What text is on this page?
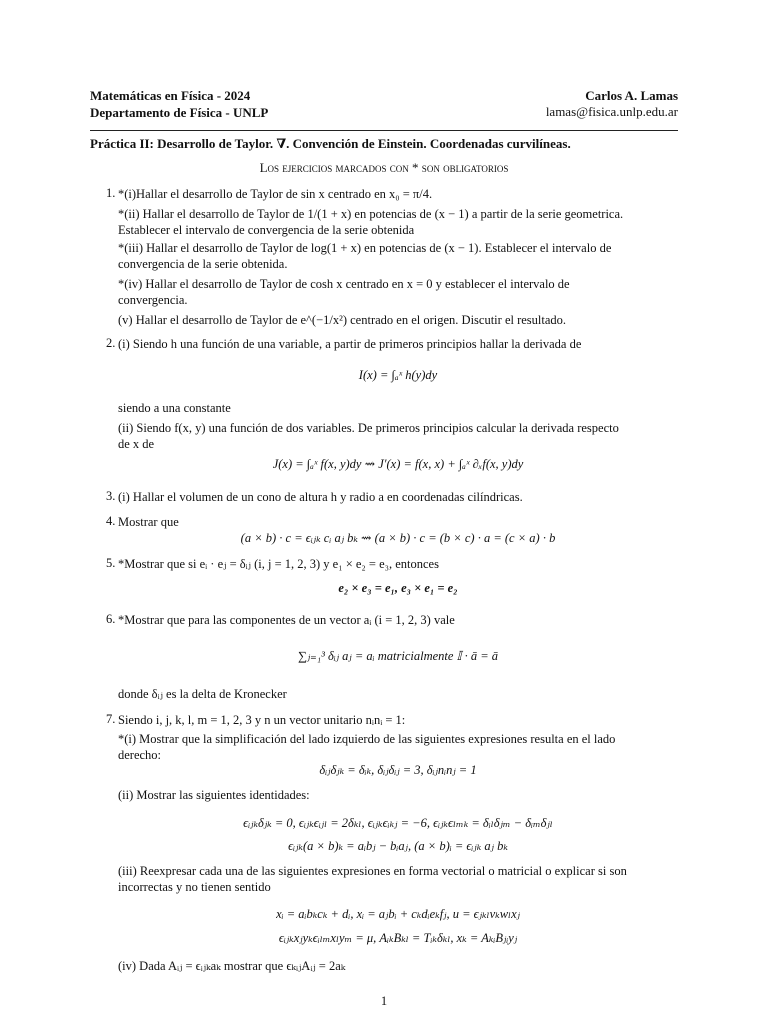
Matemáticas en Física - 2024
Departamento de Física - UNLP
Carlos A. Lamas
lamas@fisica.unlp.edu.ar
Práctica II: Desarrollo de Taylor. ∇. Convención de Einstein. Coordenadas curvilíneas.
Los ejercicios marcados con * son obligatorios
1. *(i)Hallar el desarrollo de Taylor de sin x centrado en x₀ = π/4.
*(ii) Hallar el desarrollo de Taylor de 1/(1 + x) en potencias de (x − 1) a partir de la serie geometrica.
Establecer el intervalo de convergencia de la serie obtenida
*(iii) Hallar el desarrollo de Taylor de log(1 + x) en potencias de (x − 1). Establecer el intervalo de
convergencia de la serie obtenida.
*(iv) Hallar el desarrollo de Taylor de cosh x centrado en x = 0 y establecer el intervalo de
convergencia.
(v) Hallar el desarrollo de Taylor de e^(−1/x²) centrado en el origen. Discutir el resultado.
2. (i) Siendo h una función de una variable, a partir de primeros principios hallar la derivada de
I(x) = ∫ₐˣ h(y)dy
siendo a una constante
(ii) Siendo f(x, y) una función de dos variables. De primeros principios calcular la derivada respecto
de x de
J(x) = ∫ₐˣ f(x, y)dy ⇝ J′(x) = f(x, x) + ∫ₐˣ ∂ₓf(x, y)dy
3. (i) Hallar el volumen de un cono de altura h y radio a en coordenadas cilíndricas.
4. Mostrar que
(a × b) · c = ϵᵢⱼₖ cᵢ aⱼ bₖ ⇝ (a × b) · c = (b × c) · a = (c × a) · b
5. *Mostrar que si eᵢ · eⱼ = δᵢⱼ (i, j = 1, 2, 3) y e₁ × e₂ = e₃, entonces
e₂ × e₃ = e₁, e₃ × e₁ = e₂
6. *Mostrar que para las componentes de un vector aᵢ (i = 1, 2, 3) vale
∑ⱼ₌₁³ δᵢⱼ aⱼ = aᵢ matricialmente 𝕀 · ā = ā
donde δᵢⱼ es la delta de Kronecker
7. Siendo i, j, k, l, m = 1, 2, 3 y n un vector unitario nᵢnᵢ = 1:
*(i) Mostrar que la simplificación del lado izquierdo de las siguientes expresiones resulta en el lado
derecho:
δᵢⱼδⱼₖ = δᵢₖ, δᵢⱼδᵢⱼ = 3, δᵢⱼnᵢnⱼ = 1
(ii) Mostrar las siguientes identidades:
ϵᵢⱼₖδⱼₖ = 0, ϵᵢⱼₖϵᵢⱼₗ = 2δₖₗ, ϵᵢⱼₖϵᵢₖⱼ = −6, ϵᵢⱼₖϵₗₘₖ = δᵢₗδⱼₘ − δᵢₘδⱼₗ
ϵᵢⱼₖ(a × b)ₖ = aᵢbⱼ − bᵢaⱼ, (a × b)ᵢ = ϵᵢⱼₖ aⱼ bₖ
(iii) Reexpresar cada una de las siguientes expresiones en forma vectorial o matricial o explicar si son
incorrectas y no tienen sentido
xᵢ = aᵢbₖcₖ + dᵢ, xᵢ = aⱼbᵢ + cₖdᵢeₖfⱼ, u = ϵⱼₖₗvₖwₗxⱼ
ϵᵢⱼₖxⱼyₖϵᵢₗₘxₗyₘ = μ, AᵢₖBₖₗ = Tᵢₖδₖₗ, xₖ = AₖᵢBⱼᵢyⱼ
(iv) Dada Aᵢⱼ = ϵᵢⱼₖaₖ mostrar que ϵₖᵢⱼAᵢⱼ = 2aₖ
1
